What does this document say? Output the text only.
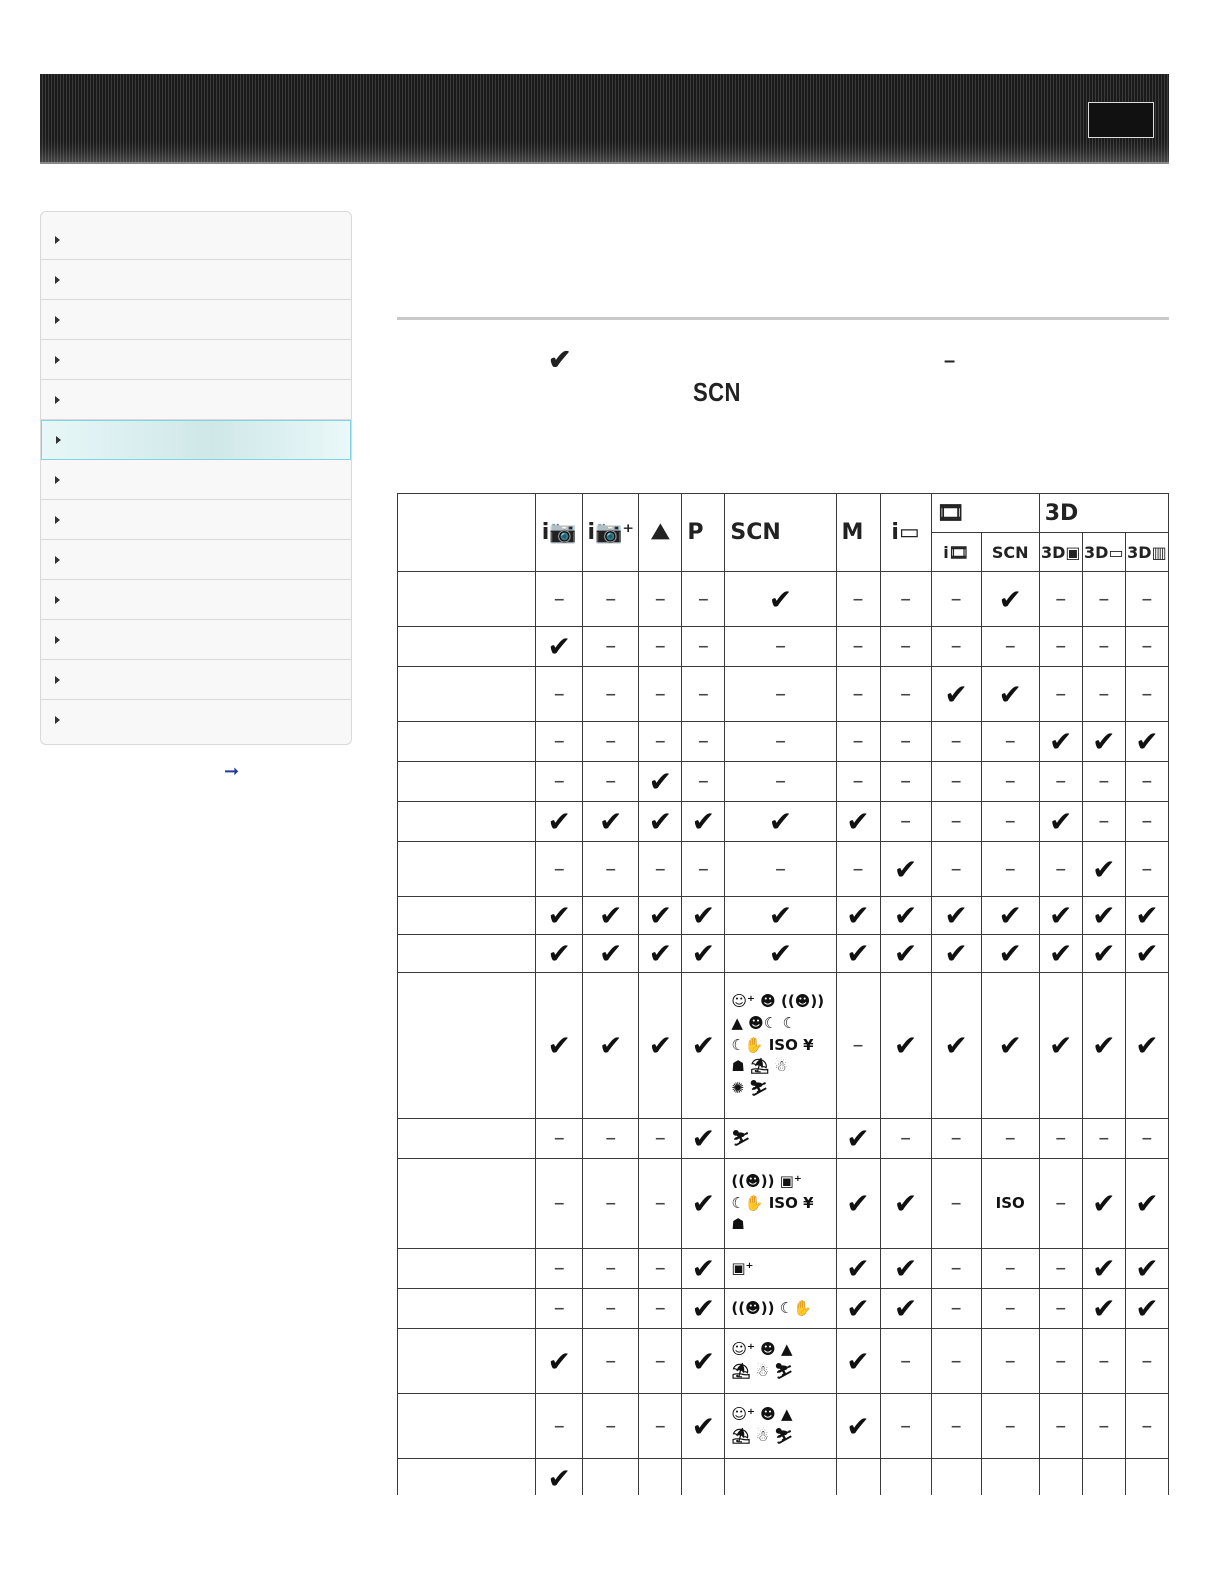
➞
✔	–
SCN
	i📷	i📷⁺	⛰	P	SCN	M	i▭	🎞		3D		
								i🎞	SCN	3D▣	3D▭	3D▥
	–	–	–	–	✔	–	–	–	✔	–	–	–
	✔	–	–	–	–	–	–	–	–	–	–	–
	–	–	–	–	–	–	–	✔	✔	–	–	–
	–	–	–	–	–	–	–	–	–	✔	✔	✔
	–	–	✔	–	–	–	–	–	–	–	–	–
	✔	✔	✔	✔	✔	✔	–	–	–	✔	–	–
	–	–	–	–	–	–	✔	–	–	–	✔	–
	✔	✔	✔	✔	✔	✔	✔	✔	✔	✔	✔	✔
	✔	✔	✔	✔	✔	✔	✔	✔	✔	✔	✔	✔
	✔	✔	✔	✔	☺⁺ ☻ ((☻))
▲ ☻☾ ☾
☾✋ ISO ¥
☗ ⛱ ☃
✺ ⛷	–	✔	✔	✔	✔	✔	✔
	–	–	–	✔	⛷	✔	–	–	–	–	–	–
	–	–	–	✔	((☻)) ▣⁺
☾✋ ISO ¥
☗	✔	✔	–	ISO	–	✔	✔
	–	–	–	✔	▣⁺	✔	✔	–	–	–	✔	✔
	–	–	–	✔	((☻)) ☾✋	✔	✔	–	–	–	✔	✔
	✔	–	–	✔	☺⁺ ☻ ▲
⛱ ☃ ⛷	✔	–	–	–	–	–	–
	–	–	–	✔	☺⁺ ☻ ▲
⛱ ☃ ⛷	✔	–	–	–	–	–	–
	✔											
